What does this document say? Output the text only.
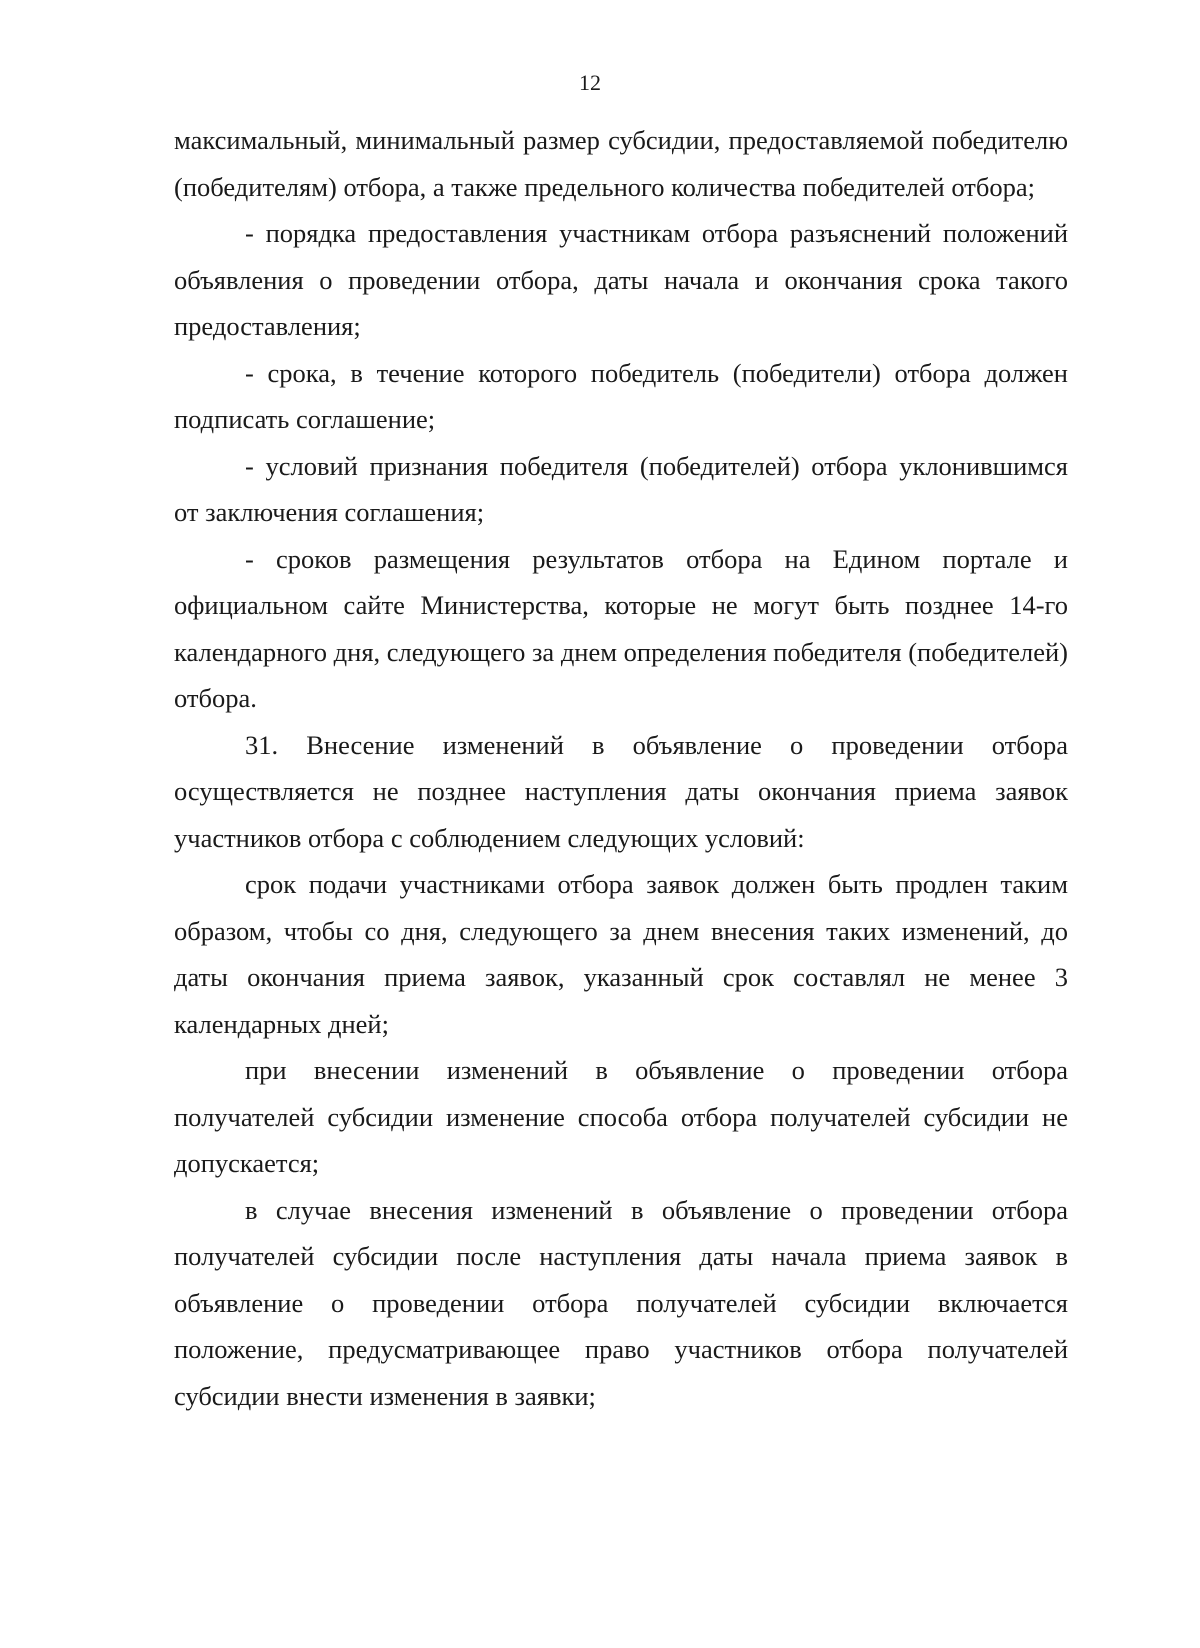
12

максимальный, минимальный размер субсидии, предоставляемой победителю (победителям) отбора, а также предельного количества победителей отбора;

- порядка предоставления участникам отбора разъяснений положений объявления о проведении отбора, даты начала и окончания срока такого предоставления;

- срока, в течение которого победитель (победители) отбора должен подписать соглашение;

- условий признания победителя (победителей) отбора уклонившимся от заключения соглашения;

- сроков размещения результатов отбора на Едином портале и официальном сайте Министерства, которые не могут быть позднее 14-го календарного дня, следующего за днем определения победителя (победителей) отбора.

31. Внесение изменений в объявление о проведении отбора осуществляется не позднее наступления даты окончания приема заявок участников отбора с соблюдением следующих условий:

срок подачи участниками отбора заявок должен быть продлен таким образом, чтобы со дня, следующего за днем внесения таких изменений, до даты окончания приема заявок, указанный срок составлял не менее 3 календарных дней;

при внесении изменений в объявление о проведении отбора получателей субсидии изменение способа отбора получателей субсидии не допускается;

в случае внесения изменений в объявление о проведении отбора получателей субсидии после наступления даты начала приема заявок в объявление о проведении отбора получателей субсидии включается положение, предусматривающее право участников отбора получателей субсидии внести изменения в заявки;
